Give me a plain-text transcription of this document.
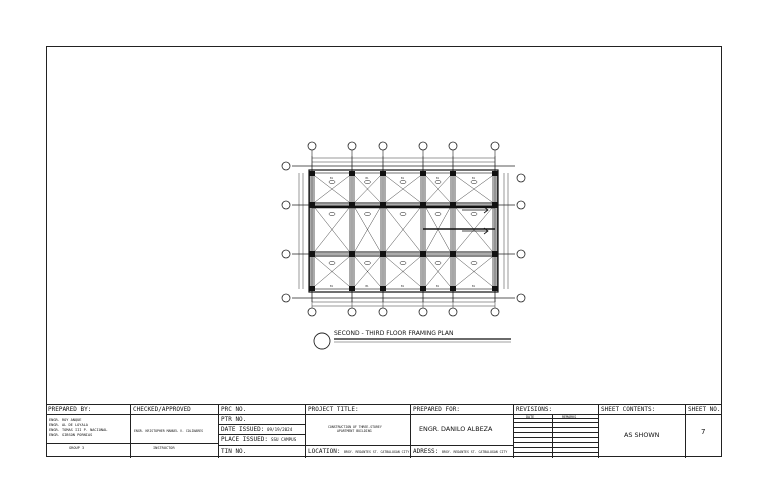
B1
B1
B1
B1
B1
B1
B1
B1
B1
B1
SECOND - THIRD FLOOR FRAMING PLAN
PREPARED BY:
ENGR. ROY ANQUE
ENGR. AL DE LOYALA
ENGR. TOMAS III P. NACIONAL
ENGR. GIBSON PORNIAS
GROUP 3
CHECKED/APPROVED
ENGR. KRISTOPHER MANUEL V. COLINARES
INSTRUCTOR
PRC NO.
PTR NO.
DATE ISSUED: 09/19/2024
PLACE ISSUED: SSU CAMPUS
TIN NO.
PROJECT TITLE:
CONSTRUCTION OF THREE-STOREY
APARTMENT BUILDING
LOCATION: BRGY. REDANTES ST. CATBALOGAN CITY
PREPARED FOR:
ENGR. DANILO ALBEZA
ADRESS: BRGY. REDANTES ST. CATBALOGAN CITY
REVISIONS:
DATE	REMARKS
SHEET CONTENTS:
AS SHOWN
SHEET NO.
7
